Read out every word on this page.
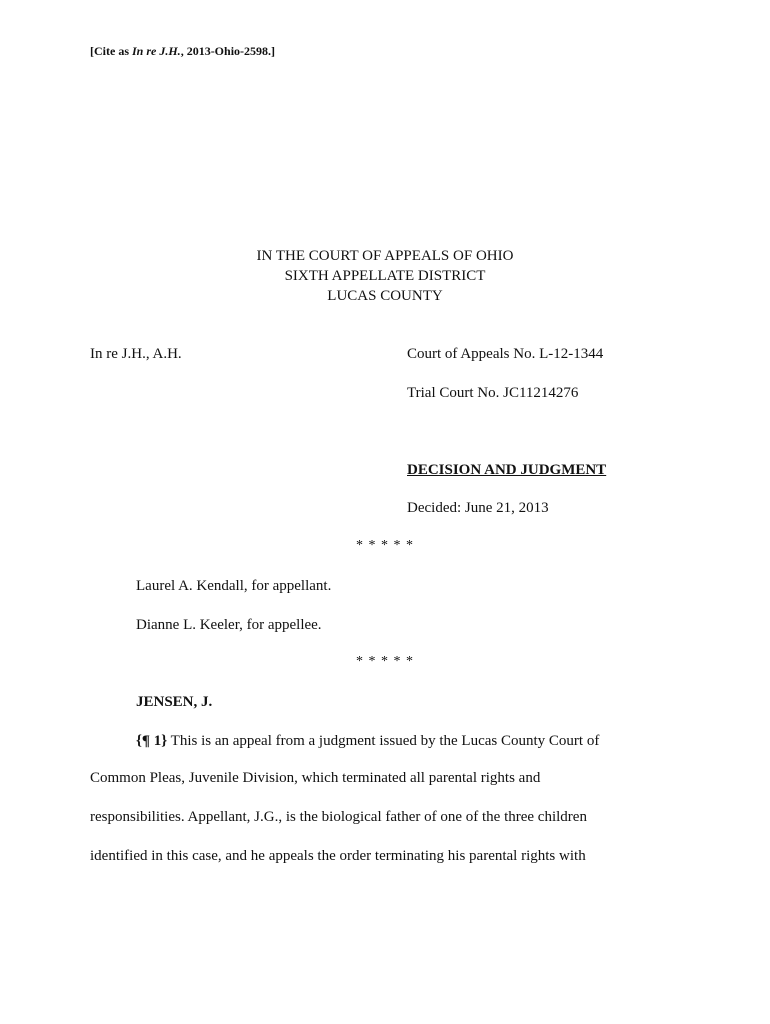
[Cite as In re J.H., 2013-Ohio-2598.]
IN THE COURT OF APPEALS OF OHIO
SIXTH APPELLATE DISTRICT
LUCAS COUNTY
In re J.H., A.H.	Court of Appeals No. L-12-1344
Trial Court No. JC11214276
DECISION AND JUDGMENT
Decided: June 21, 2013
* * * * *
Laurel A. Kendall, for appellant.
Dianne L. Keeler, for appellee.
* * * * *
JENSEN, J.
{¶ 1} This is an appeal from a judgment issued by the Lucas County Court of
Common Pleas, Juvenile Division, which terminated all parental rights and
responsibilities. Appellant, J.G., is the biological father of one of the three children
identified in this case, and he appeals the order terminating his parental rights with
